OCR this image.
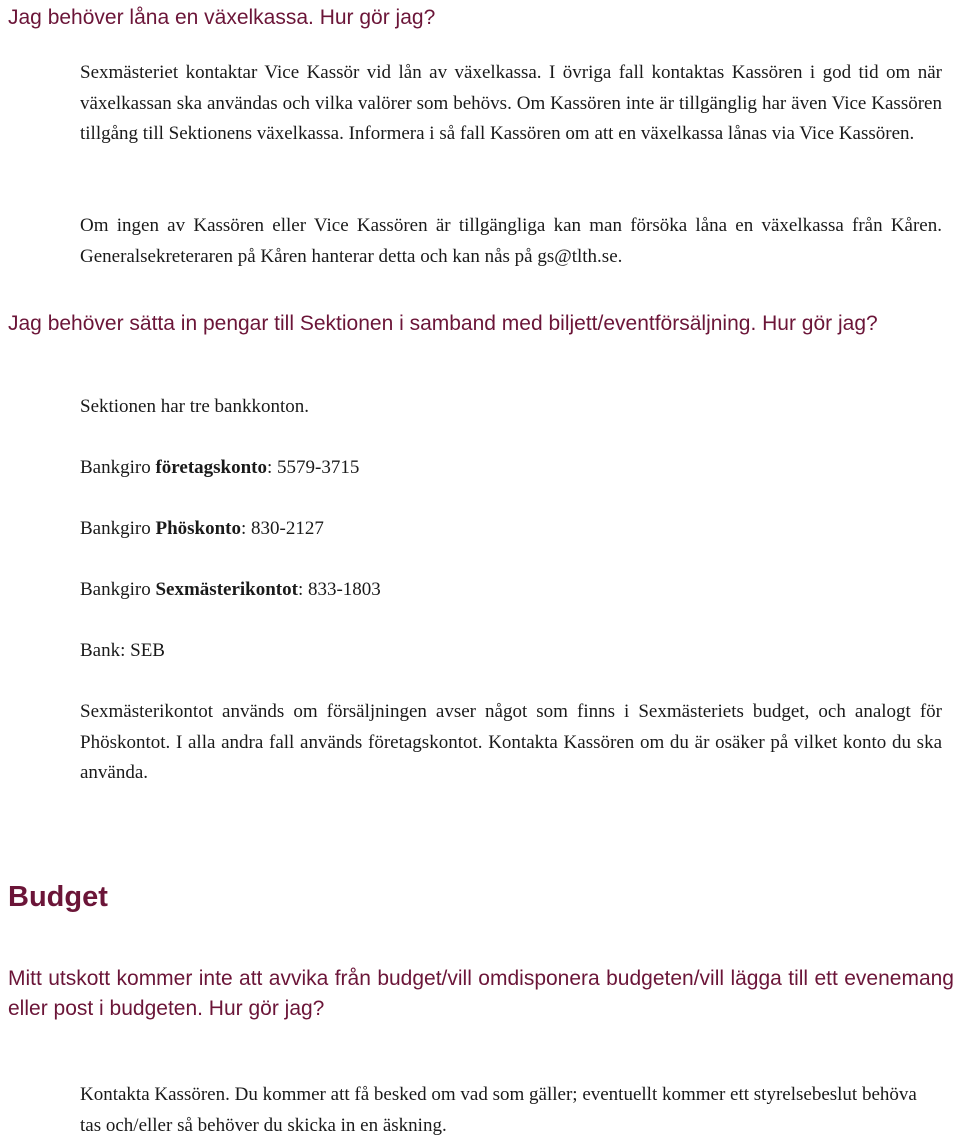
Jag behöver låna en växelkassa. Hur gör jag?

Sexmästeriet kontaktar Vice Kassör vid lån av växelkassa. I övriga fall kontaktas Kassören i god tid om när växelkassan ska användas och vilka valörer som behövs. Om Kassören inte är tillgänglig har även Vice Kassören tillgång till Sektionens växelkassa. Informera i så fall Kassören om att en växelkassa lånas via Vice Kassören.

Om ingen av Kassören eller Vice Kassören är tillgängliga kan man försöka låna en växelkassa från Kåren. Generalsekreteraren på Kåren hanterar detta och kan nås på gs@tlth.se.

Jag behöver sätta in pengar till Sektionen i samband med biljett/eventförsäljning. Hur gör jag?

Sektionen har tre bankkonton.

Bankgiro företagskonto: 5579-3715

Bankgiro Phöskonto: 830-2127

Bankgiro Sexmästerikontot: 833-1803

Bank: SEB

Sexmästerikontot används om försäljningen avser något som finns i Sexmästeriets budget, och analogt för Phöskontot. I alla andra fall används företagskontot. Kontakta Kassören om du är osäker på vilket konto du ska använda.

Budget
Mitt utskott kommer inte att avvika från budget/vill omdisponera budgeten/vill lägga till ett evenemang eller post i budgeten. Hur gör jag?

Kontakta Kassören. Du kommer att få besked om vad som gäller; eventuellt kommer ett styrelsebeslut behöva tas och/eller så behöver du skicka in en äskning.
